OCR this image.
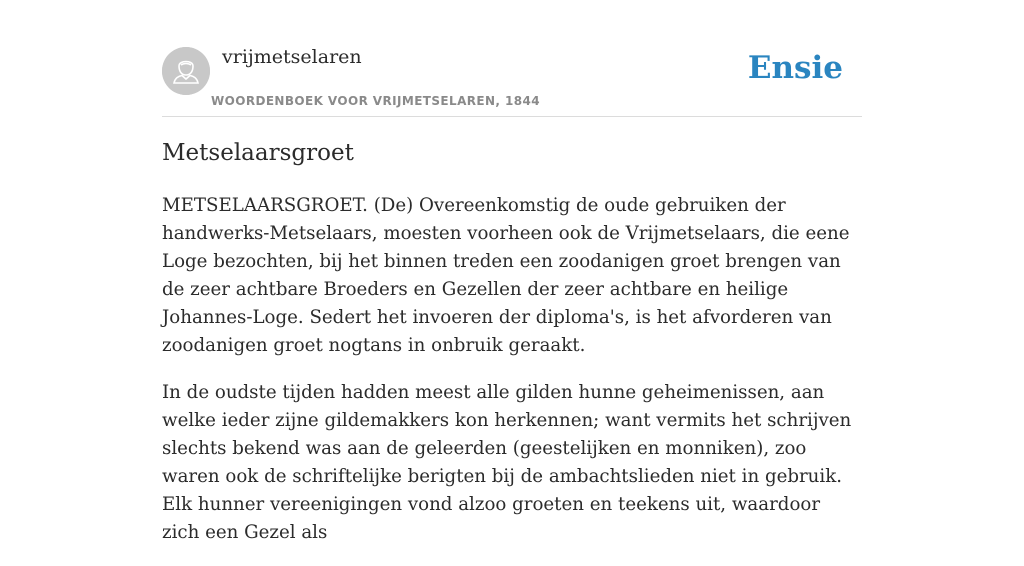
vrijmetselaren
WOORDENBOEK VOOR VRIJMETSELAREN, 1844
Ensie
Metselaarsgroet

METSELAARSGROET. (De) Overeenkomstig de oude gebruiken der handwerks-Metselaars, moesten voorheen ook de Vrijmetselaars, die eene Loge bezochten, bij het binnen treden een zoodanigen groet brengen van de zeer achtbare Broeders en Gezellen der zeer achtbare en heilige Johannes-Loge. Sedert het invoeren der diploma's, is het afvorderen van zoodanigen groet nogtans in onbruik geraakt.

In de oudste tijden hadden meest alle gilden hunne geheimenissen, aan welke ieder zijne gildemakkers kon herkennen; want vermits het schrijven slechts bekend was aan de geleerden (geestelijken en monniken), zoo waren ook de schriftelijke berigten bij de ambachtslieden niet in gebruik. Elk hunner vereenigingen vond alzoo groeten en teekens uit, waardoor zich een Gezel als
